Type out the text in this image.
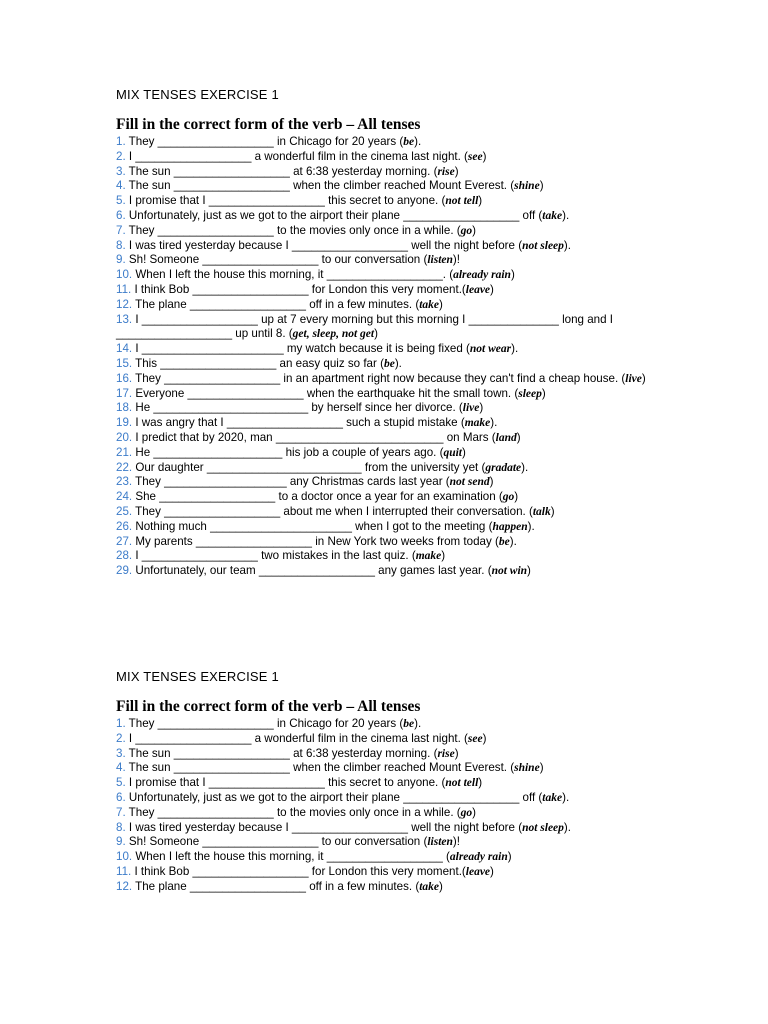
MIX TENSES EXERCISE 1
Fill in the correct form of the verb – All tenses

1. They __________________ in Chicago for 20 years (be).

2. I __________________ a wonderful film in the cinema last night. (see)

3. The sun __________________ at 6:38 yesterday morning. (rise)

4. The sun __________________ when the climber reached Mount Everest. (shine)

5. I promise that I __________________ this secret to anyone. (not tell)

6. Unfortunately, just as we got to the airport their plane __________________ off (take).

7. They __________________ to the movies only once in a while. (go)

8. I was tired yesterday because I __________________ well the night before (not sleep).

9. Sh! Someone __________________ to our conversation (listen)!

10. When I left the house this morning, it __________________. (already rain)

11. I think Bob __________________ for London this very moment.(leave)

12. The plane __________________ off in a few minutes. (take)

13. I __________________ up at 7 every morning but this morning I ______________ long and I __________________ up until 8. (get, sleep, not get)

14. I ______________________ my watch because it is being fixed (not wear).

15. This __________________ an easy quiz so far (be).

16. They __________________ in an apartment right now because they can't find a cheap house. (live)

17. Everyone __________________ when the earthquake hit the small town. (sleep)

18. He ________________________ by herself since her divorce. (live)

19. I was angry that I __________________ such a stupid mistake (make).

20. I predict that by 2020, man __________________________ on Mars (land)

21. He ____________________ his job a couple of years ago. (quit)

22. Our daughter ________________________ from the university yet (gradate).

23. They ___________________ any Christmas cards last year (not send)

24. She __________________ to a doctor once a year for an examination (go)

25. They __________________ about me when I interrupted their conversation. (talk)

26. Nothing much ______________________ when I got to the meeting (happen).

27. My parents __________________ in New York two weeks from today (be).

28. I __________________ two mistakes in the last quiz. (make)

29. Unfortunately, our team __________________ any games last year. (not win)

MIX TENSES EXERCISE 1
Fill in the correct form of the verb – All tenses

1. They __________________ in Chicago for 20 years (be).

2. I __________________ a wonderful film in the cinema last night. (see)

3. The sun __________________ at 6:38 yesterday morning. (rise)

4. The sun __________________ when the climber reached Mount Everest. (shine)

5. I promise that I __________________ this secret to anyone. (not tell)

6. Unfortunately, just as we got to the airport their plane __________________ off (take).

7. They __________________ to the movies only once in a while. (go)

8. I was tired yesterday because I __________________ well the night before (not sleep).

9. Sh! Someone __________________ to our conversation (listen)!

10. When I left the house this morning, it __________________ (already rain)

11. I think Bob __________________ for London this very moment.(leave)

12. The plane __________________ off in a few minutes. (take)
